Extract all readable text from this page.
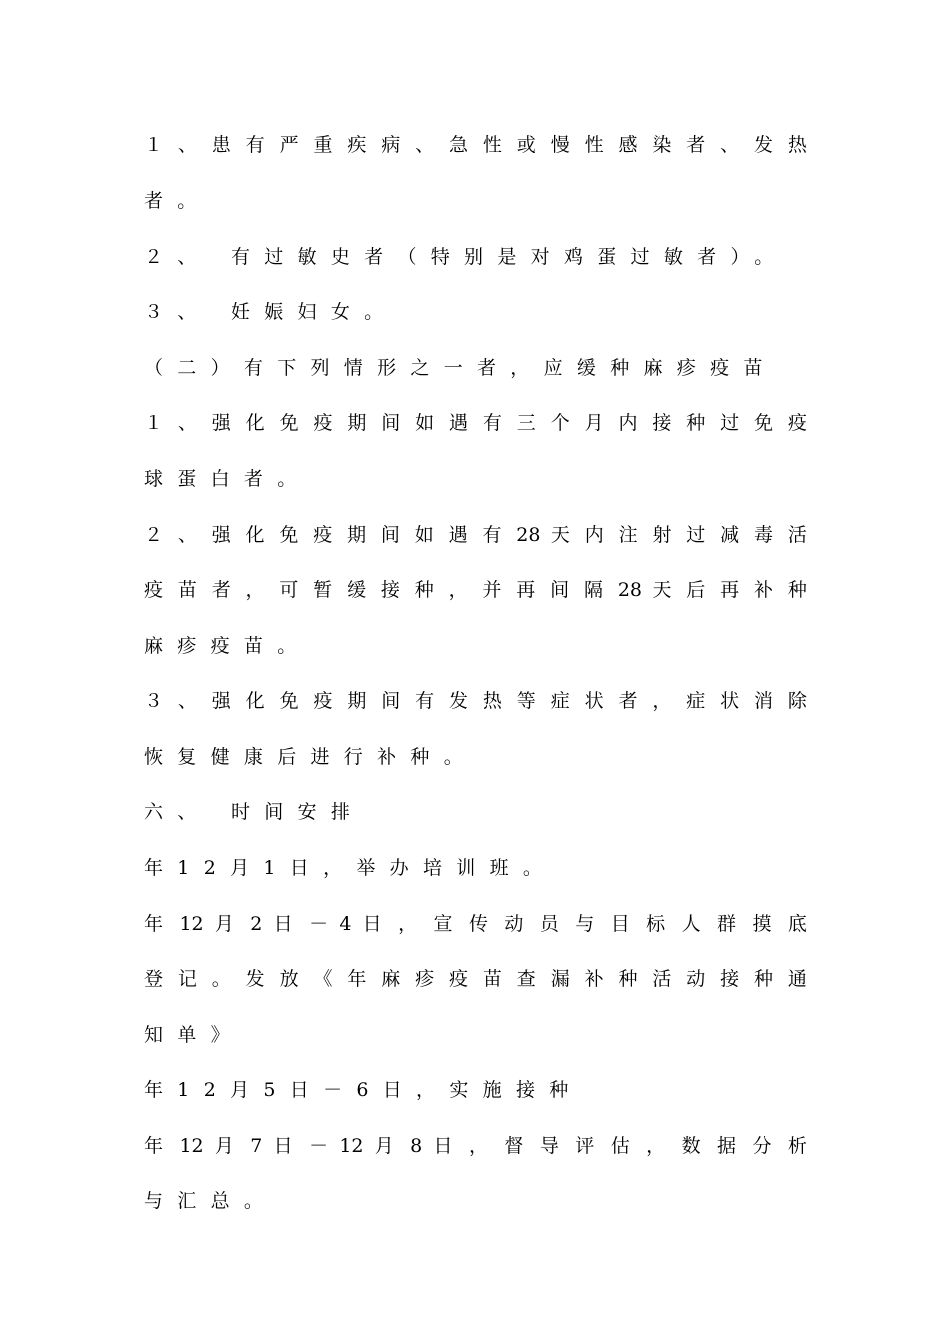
１ 、 患 有 严 重 疾 病 、 急 性 或 慢 性 感 染 者 、 发 热
者。
２、 有过敏史者（特别是对鸡蛋过敏者）。
３、 妊娠妇女。
（二）有下列情形之一者，应缓种麻疹疫苗
１ 、 强 化 免 疫 期 间 如 遇 有 三 个 月 内 接 种 过 免 疫
球蛋白者。
２ 、 强 化 免 疫 期 间 如 遇 有 28 天 内 注 射 过 减 毒 活
疫 苗 者 ， 可 暂 缓 接 种 ， 并 再 间 隔 28 天 后 再 补 种
麻疹疫苗。
３ 、 强 化 免 疫 期 间 有 发 热 等 症 状 者 ， 症 状 消 除
恢复健康后进行补种。
六、 时间安排
年12月1日，举办培训班。
年 12 月 2 日 － 4 日 ， 宣 传 动 员 与 目 标 人 群 摸 底
登 记 。 发 放 《 年 麻 疹 疫 苗 查 漏 补 种 活 动 接 种 通
知单》
年12月5日－6日，实施接种
年 12 月 7 日 － 12 月 8 日 ， 督 导 评 估 ， 数 据 分 析
与汇总。
